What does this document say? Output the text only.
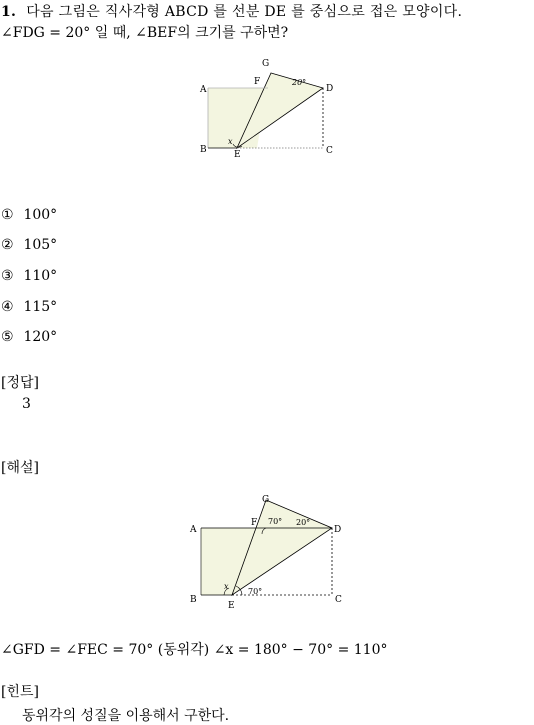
1. 다음 그림은 직사각형 ABCD 를 선분 DE 를 중심으로 접은 모양이다.
∠FDG = 20° 일 때, ∠BEF의 크기를 구하면?
A
B	C
D
E
F
G
20°
x
① 100°
② 105°
③ 110°
④ 115°
⑤ 120°
[정답]
3
[해설]
A
B	C
D
E
F
G
70° 20°
70°
x
∠GFD = ∠FEC = 70° (동위각) ∠x = 180° − 70° = 110°
[힌트]
동위각의 성질을 이용해서 구한다.
